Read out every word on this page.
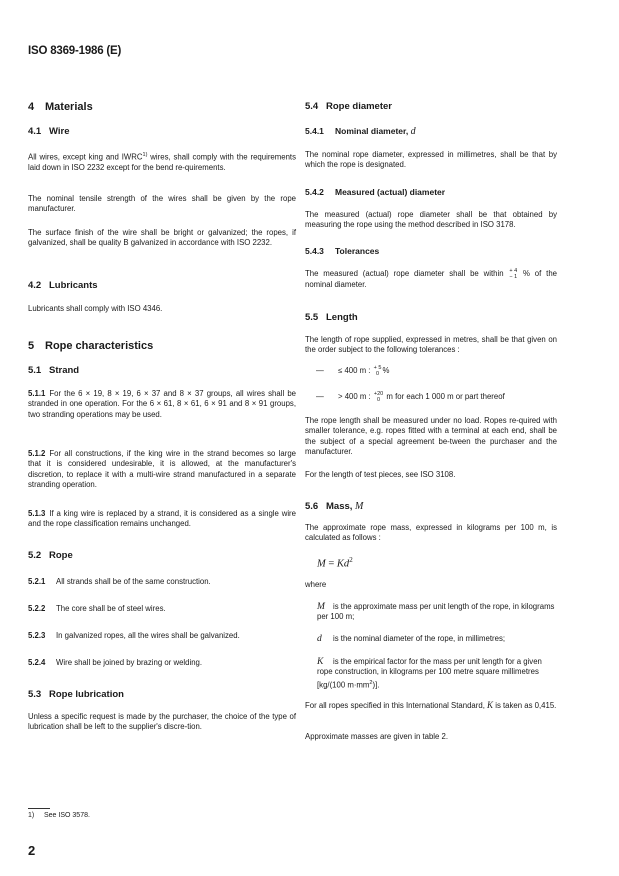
ISO 8369-1986 (E)
4 Materials
4.1 Wire
All wires, except king and IWRC$^{1)}$ wires, shall comply with the requirements laid down in ISO 2232 except for the bend re-quirements.
The nominal tensile strength of the wires shall be given by the rope manufacturer.
The surface finish of the wire shall be bright or galvanized; the ropes, if galvanized, shall be quality B galvanized in accordance with ISO 2232.
4.2 Lubricants
Lubricants shall comply with ISO 4346.
5 Rope characteristics
5.1 Strand
5.1.1 For the 6 × 19, 8 × 19, 6 × 37 and 8 × 37 groups, all wires shall be stranded in one operation. For the 6 × 61, 8 × 61, 6 × 91 and 8 × 91 groups, two stranding operations may be used.
5.1.2 For all constructions, if the king wire in the strand becomes so large that it is considered undesirable, it is allowed, at the manufacturer's discretion, to replace it with a multi-wire strand manufactured in a separate stranding operation.
5.1.3 If a king wire is replaced by a strand, it is considered as a single wire and the rope classification remains unchanged.
5.2 Rope
5.2.1 All strands shall be of the same construction.
5.2.2 The core shall be of steel wires.
5.2.3 In galvanized ropes, all the wires shall be galvanized.
5.2.4 Wire shall be joined by brazing or welding.
5.3 Rope lubrication
Unless a specific request is made by the purchaser, the choice of the type of lubrication shall be left to the supplier's discre-tion.
5.4 Rope diameter
5.4.1 Nominal diameter, d
The nominal rope diameter, expressed in millimetres, shall be that by which the rope is designated.
5.4.2 Measured (actual) diameter
The measured (actual) rope diameter shall be that obtained by measuring the rope using the method described in ISO 3178.
5.4.3 Tolerances
The measured (actual) rope diameter shall be within + 4
− 1 % of the nominal diameter.
5.5 Length
The length of rope supplied, expressed in metres, shall be that given on the order subject to the following tolerances :
— ≤ 400 m : + 5
0 %
— > 400 m : +20
0 m for each 1 000 m or part thereof
The rope length shall be measured under no load. Ropes re-quired with smaller tolerance, e.g. ropes fitted with a terminal at each end, shall be the subject of a special agreement be-tween the purchaser and the manufacturer.
For the length of test pieces, see ISO 3108.
5.6 Mass, M
The approximate rope mass, expressed in kilograms per 100 m, is calculated as follows :
$M = Kd^2$
where
M is the approximate mass per unit length of the rope, in kilograms per 100 m;
d is the nominal diameter of the rope, in millimetres;
K is the empirical factor for the mass per unit length for a given rope construction, in kilograms per 100 metre square millimetres [kg/(100 $m\cdot mm^2$)].
For all ropes specified in this International Standard, K is taken as 0,415.
Approximate masses are given in table 2.
1) See ISO 3578.
2
